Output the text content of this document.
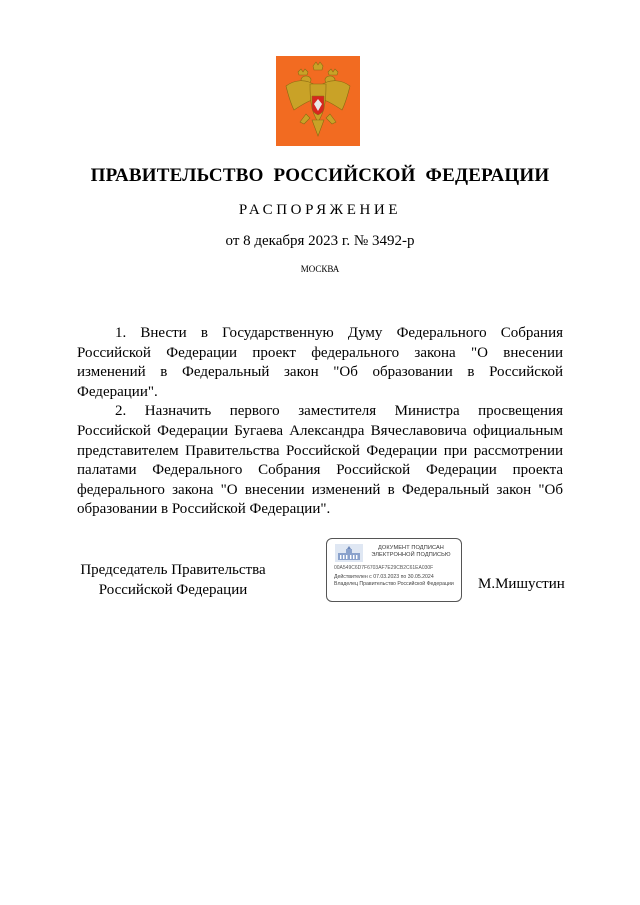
ПРАВИТЕЛЬСТВО РОССИЙСКОЙ ФЕДЕРАЦИИ
РАСПОРЯЖЕНИЕ
от 8 декабря 2023 г. № 3492-р
МОСКВА

1. Внести в Государственную Думу Федерального Собрания Российской Федерации проект федерального закона "О внесении изменений в Федеральный закон "Об образовании в Российской Федерации".

2. Назначить первого заместителя Министра просвещения Российской Федерации Бугаева Александра Вячеславовича официальным представителем Правительства Российской Федерации при рассмотрении палатами Федерального Собрания Российской Федерации проекта федерального закона "О внесении изменений в Федеральный закон "Об образовании в Российской Федерации".

Председатель Правительства
Российской Федерации
ДОКУМЕНТ ПОДПИСАН
ЭЛЕКТРОННОЙ ПОДПИСЬЮ
00A549C6D7F6703AF7E29CB2C61EA030F
Действителен с 07.03.2023 по 30.05.2024
Владелец Правительство Российской Федерации М.Мишустин
